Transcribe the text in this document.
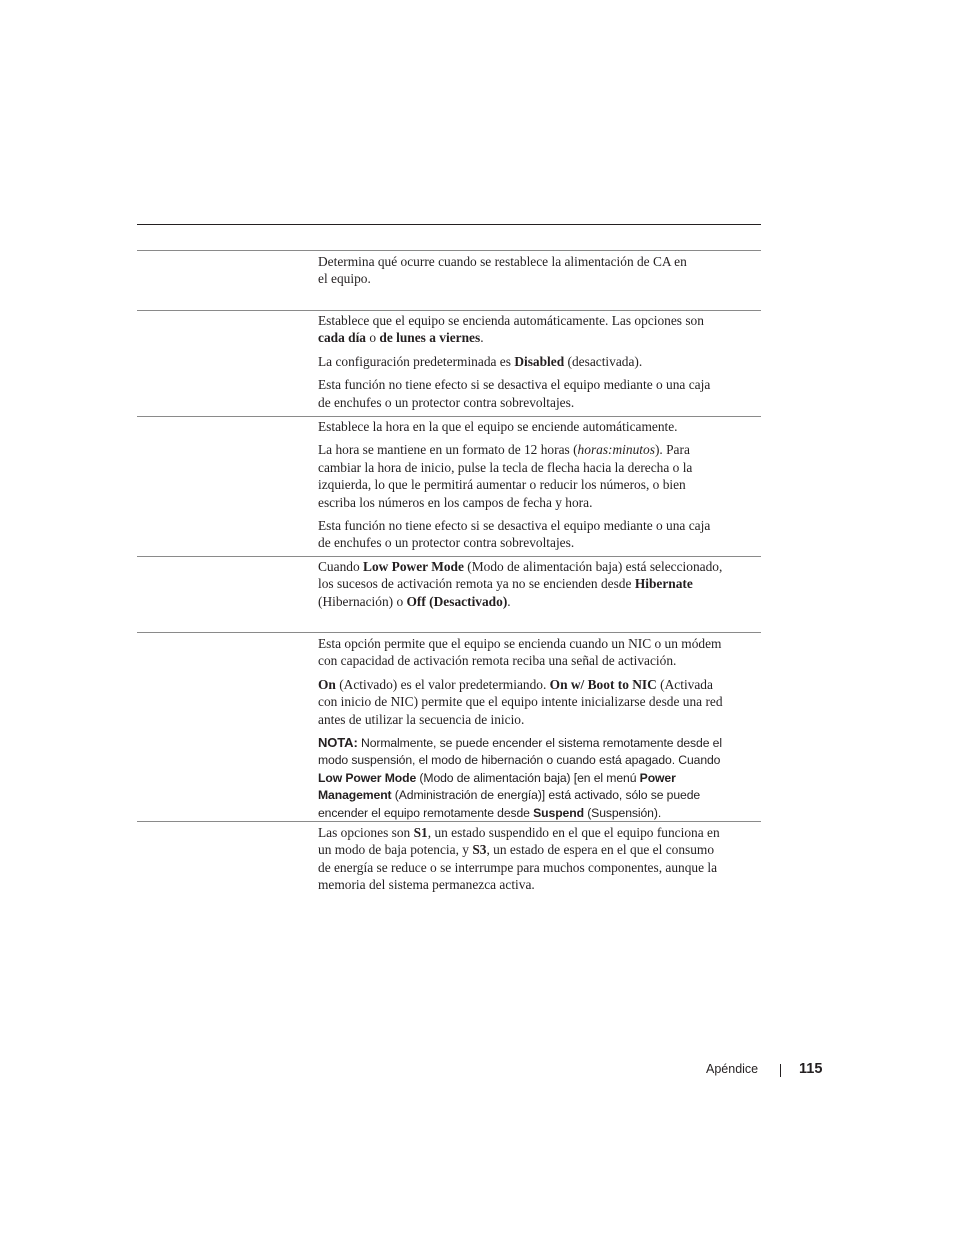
Determina qué ocurre cuando se restablece la alimentación de CA en
el equipo.

Establece que el equipo se encienda automáticamente. Las opciones son
cada día o de lunes a viernes.

La configuración predeterminada es Disabled (desactivada).

Esta función no tiene efecto si se desactiva el equipo mediante o una caja
de enchufes o un protector contra sobrevoltajes.

Establece la hora en la que el equipo se enciende automáticamente.

La hora se mantiene en un formato de 12 horas (horas:minutos). Para
cambiar la hora de inicio, pulse la tecla de flecha hacia la derecha o la
izquierda, lo que le permitirá aumentar o reducir los números, o bien
escriba los números en los campos de fecha y hora.

Esta función no tiene efecto si se desactiva el equipo mediante o una caja
de enchufes o un protector contra sobrevoltajes.

Cuando Low Power Mode (Modo de alimentación baja) está seleccionado,
los sucesos de activación remota ya no se encienden desde Hibernate
(Hibernación) o Off (Desactivado).

Esta opción permite que el equipo se encienda cuando un NIC o un módem
con capacidad de activación remota reciba una señal de activación.

On (Activado) es el valor predetermiando. On w/ Boot to NIC (Activada
con inicio de NIC) permite que el equipo intente inicializarse desde una red
antes de utilizar la secuencia de inicio.

NOTA: Normalmente, se puede encender el sistema remotamente desde el
modo suspensión, el modo de hibernación o cuando está apagado. Cuando
Low Power Mode (Modo de alimentación baja) [en el menú Power
Management (Administración de energía)] está activado, sólo se puede
encender el equipo remotamente desde Suspend (Suspensión).

Las opciones son S1, un estado suspendido en el que el equipo funciona en
un modo de baja potencia, y S3, un estado de espera en el que el consumo
de energía se reduce o se interrumpe para muchos componentes, aunque la
memoria del sistema permanezca activa.

Apéndice	115
